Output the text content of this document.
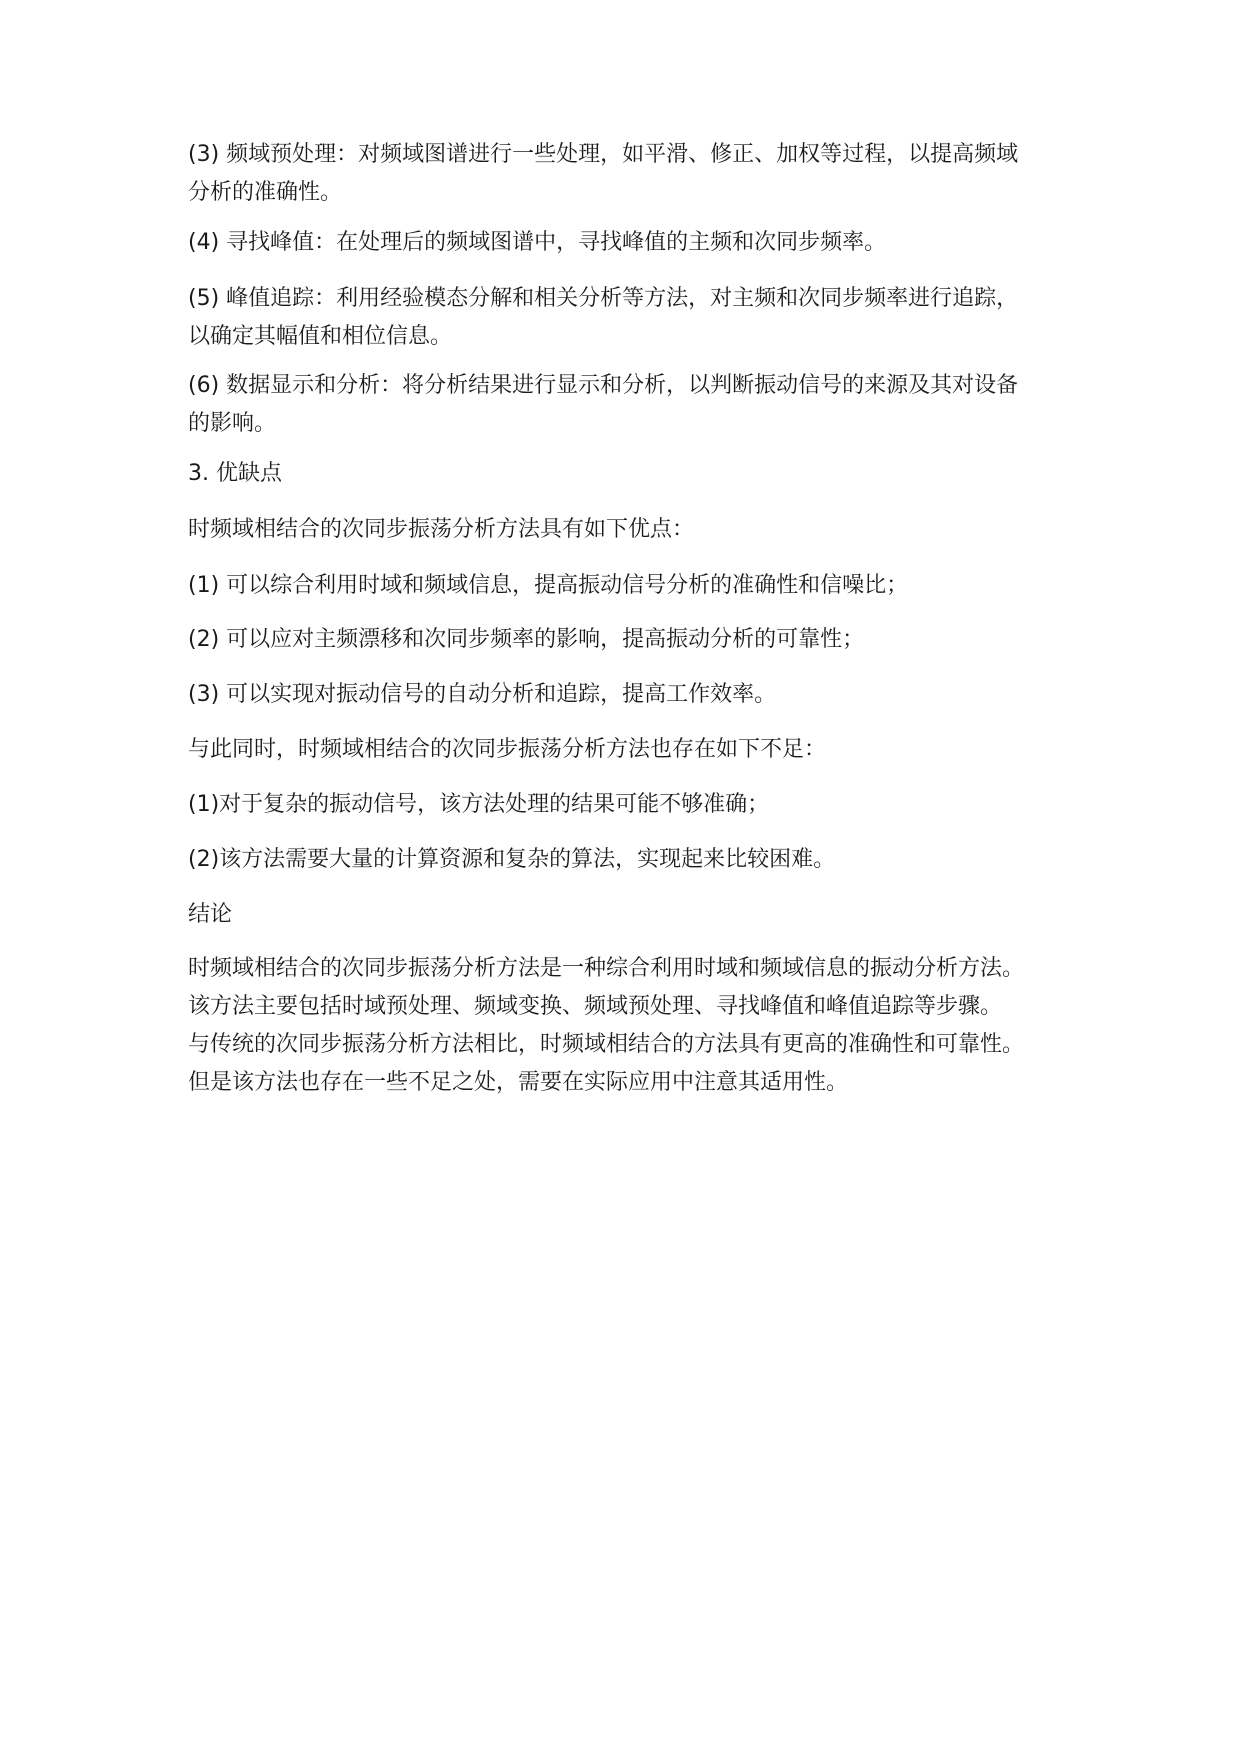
(3) 频域预处理：对频域图谱进行一些处理，如平滑、修正、加权等过程，以提高频域
分析的准确性。

(4) 寻找峰值：在处理后的频域图谱中，寻找峰值的主频和次同步频率。

(5) 峰值追踪：利用经验模态分解和相关分析等方法，对主频和次同步频率进行追踪，
以确定其幅值和相位信息。

(6) 数据显示和分析：将分析结果进行显示和分析，以判断振动信号的来源及其对设备
的影响。

3. 优缺点

时频域相结合的次同步振荡分析方法具有如下优点：

(1) 可以综合利用时域和频域信息，提高振动信号分析的准确性和信噪比；

(2) 可以应对主频漂移和次同步频率的影响，提高振动分析的可靠性；

(3) 可以实现对振动信号的自动分析和追踪，提高工作效率。

与此同时，时频域相结合的次同步振荡分析方法也存在如下不足：

(1)对于复杂的振动信号，该方法处理的结果可能不够准确；

(2)该方法需要大量的计算资源和复杂的算法，实现起来比较困难。

结论

时频域相结合的次同步振荡分析方法是一种综合利用时域和频域信息的振动分析方法。
该方法主要包括时域预处理、频域变换、频域预处理、寻找峰值和峰值追踪等步骤。
与传统的次同步振荡分析方法相比，时频域相结合的方法具有更高的准确性和可靠性。
但是该方法也存在一些不足之处，需要在实际应用中注意其适用性。
